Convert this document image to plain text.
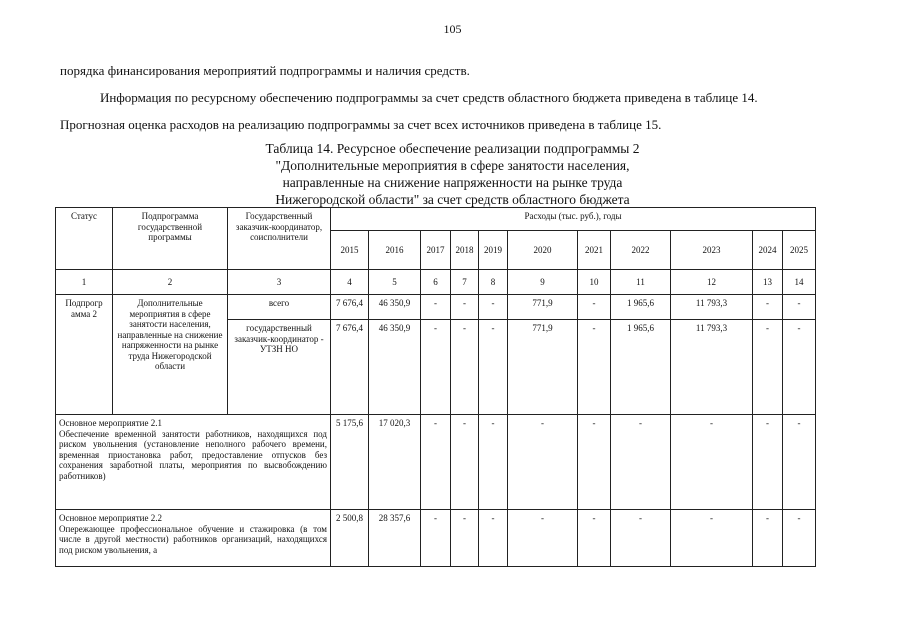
105
порядка финансирования мероприятий подпрограммы и наличия средств.
Информация по ресурсному обеспечению подпрограммы за счет средств областного бюджета приведена в таблице 14.
Прогнозная оценка расходов на реализацию подпрограммы за счет всех источников приведена в таблице 15.
Таблица 14. Ресурсное обеспечение реализации подпрограммы 2
"Дополнительные мероприятия в сфере занятости населения,
направленные на снижение напряженности на рынке труда
Нижегородской области" за счет средств областного бюджета
Статус	Подпрограмма государственной программы	Государственный заказчик-координатор, соисполнители	Расходы (тыс. руб.), годы										
			2015	2016	2017	2018	2019	2020	2021	2022	2023	2024	2025
1	2	3	4	5	6	7	8	9	10	11	12	13	14
Подпрогр амма 2	Дополнительные мероприятия в сфере занятости населения, направленные на снижение напряженности на рынке труда Нижегородской области	всего	7 676,4	46 350,9	-	-	-	771,9	-	1 965,6	11 793,3	-	-
		государственный заказчик-координатор - УТЗН НО	7 676,4	46 350,9	-	-	-	771,9	-	1 965,6	11 793,3	-	-

Основное мероприятие 2.1
Обеспечение временной занятости работников, находящихся под риском увольнения (установление неполного рабочего времени, временная приостановка работ, предоставление отпусков без сохранения заработной платы, мероприятия по высвобождению работников)			5 175,6	17 020,3	-	-	-	-	-	-	-	-	-

Основное мероприятие 2.2
Опережающее профессиональное обучение и стажировка (в том числе в другой местности) работников организаций, находящихся под риском увольнения, а			2 500,8	28 357,6	-	-	-	-	-	-	-	-	-
